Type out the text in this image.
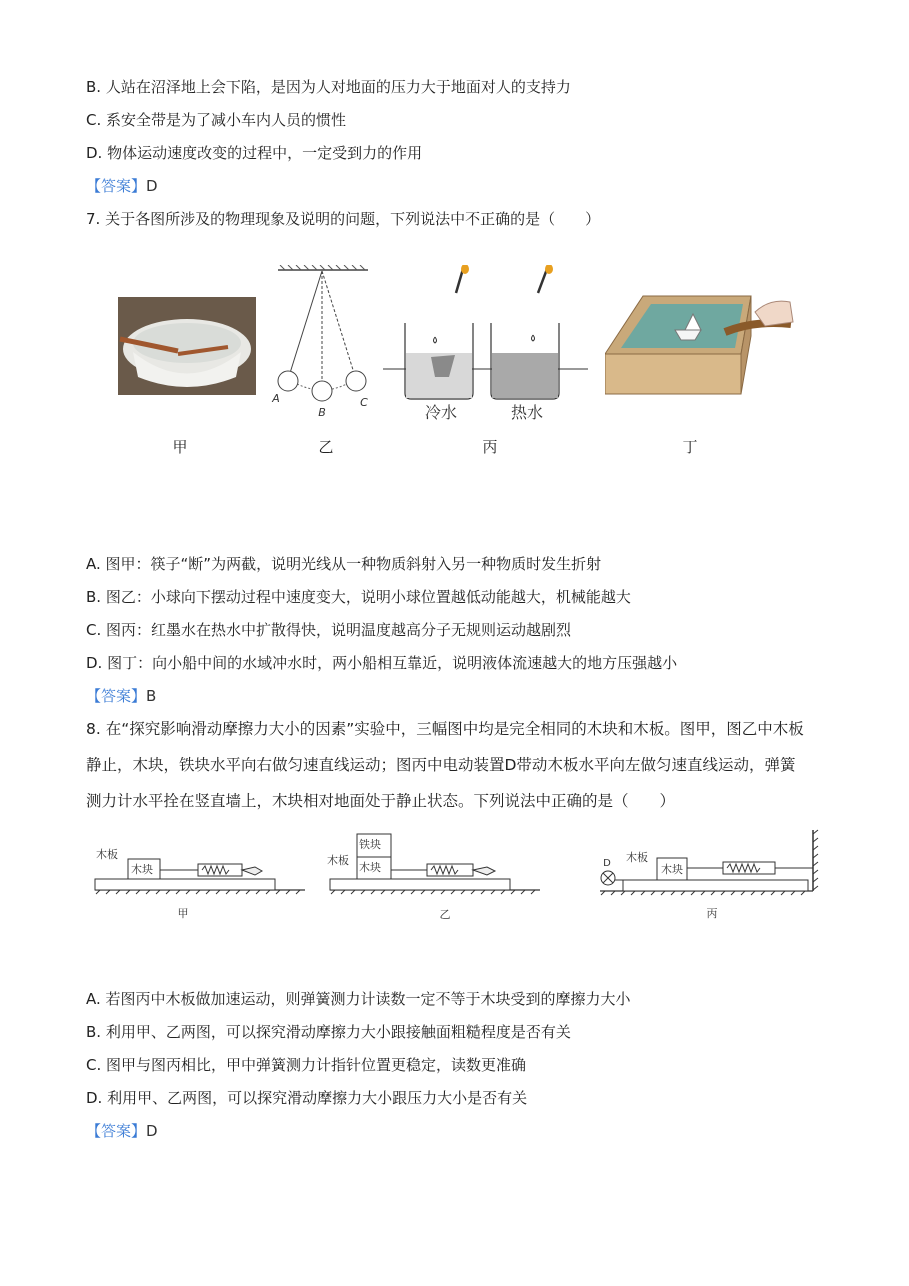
B. 人站在沼泽地上会下陷，是因为人对地面的压力大于地面对人的支持力
C. 系安全带是为了减小车内人员的惯性
D. 物体运动速度改变的过程中，一定受到力的作用
【答案】D
7. 关于各图所涉及的物理现象及说明的问题，下列说法中不正确的是（　　）
甲
A
B
C
乙
冷水	热水
丙	丁
A. 图甲：筷子“断”为两截，说明光线从一种物质斜射入另一种物质时发生折射
B. 图乙：小球向下摆动过程中速度变大，说明小球位置越低动能越大，机械能越大
C. 图丙：红墨水在热水中扩散得快，说明温度越高分子无规则运动越剧烈
D. 图丁：向小船中间的水域冲水时，两小船相互靠近，说明液体流速越大的地方压强越小
【答案】B
8. 在“探究影响滑动摩擦力大小的因素”实验中，三幅图中均是完全相同的木块和木板。图甲，图乙中木板
静止，木块，铁块水平向右做匀速直线运动；图丙中电动装置D带动木板水平向左做匀速直线运动，弹簧
测力计水平拴在竖直墙上，木块相对地面处于静止状态。下列说法中正确的是（　　）
木板
木块
甲
铁块
木块
木板
乙
D	木板
木块
丙
A. 若图丙中木板做加速运动，则弹簧测力计读数一定不等于木块受到的摩擦力大小
B. 利用甲、乙两图，可以探究滑动摩擦力大小跟接触面粗糙程度是否有关
C. 图甲与图丙相比，甲中弹簧测力计指针位置更稳定，读数更准确
D. 利用甲、乙两图，可以探究滑动摩擦力大小跟压力大小是否有关
【答案】D
